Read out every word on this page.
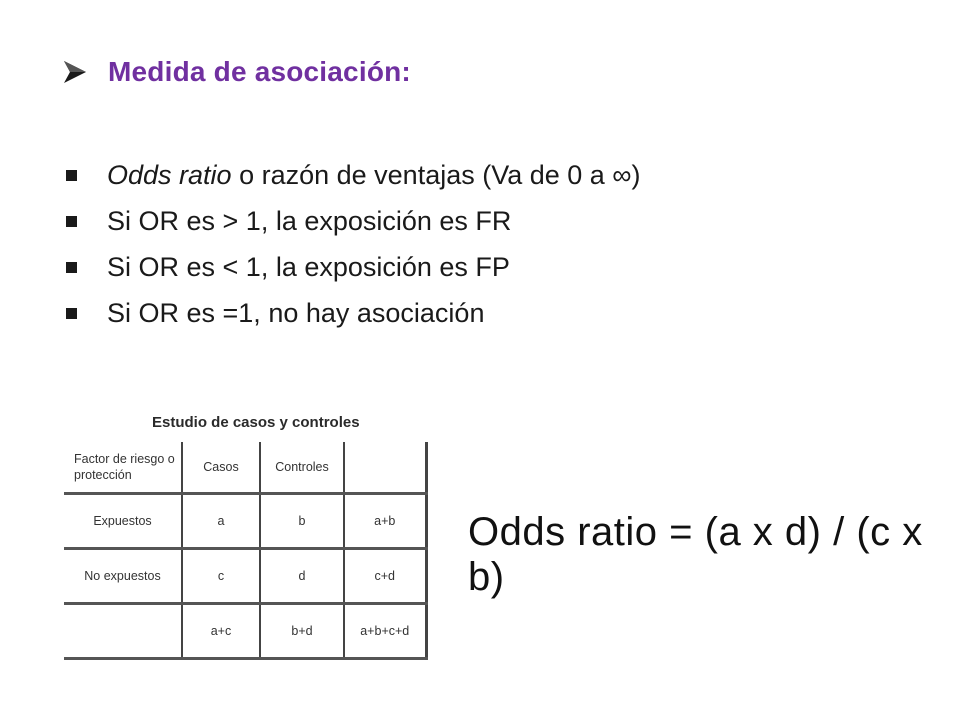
Medida de asociación:
Odds ratio o razón de ventajas (Va de 0 a ∞)
Si OR es > 1, la exposición es FR
Si OR es < 1, la exposición es FP
Si OR es =1, no hay asociación
Estudio de casos y controles
Factor de riesgo o protección	Casos	Controles	
Expuestos	a	b	a+b
No expuestos	c	d	c+d
	a+c	b+d	a+b+c+d
Odds ratio = (a x d) / (c x b)
